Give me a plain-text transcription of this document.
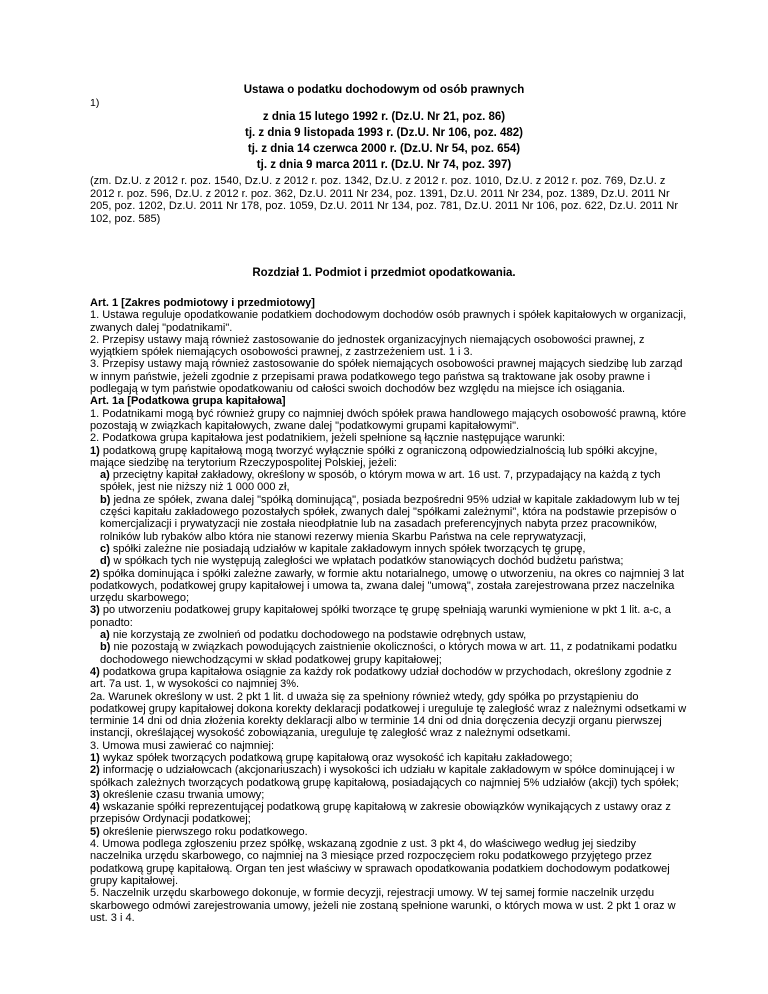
Ustawa o podatku dochodowym od osób prawnych
1)
z dnia 15 lutego 1992 r. (Dz.U. Nr 21, poz. 86)
tj. z dnia 9 listopada 1993 r. (Dz.U. Nr 106, poz. 482)
tj. z dnia 14 czerwca 2000 r. (Dz.U. Nr 54, poz. 654)
tj. z dnia 9 marca 2011 r. (Dz.U. Nr 74, poz. 397)

(zm. Dz.U. z 2012 r. poz. 1540, Dz.U. z 2012 r. poz. 1342, Dz.U. z 2012 r. poz. 1010, Dz.U. z 2012 r. poz. 769, Dz.U. z 2012 r. poz. 596, Dz.U. z 2012 r. poz. 362, Dz.U. 2011 Nr 234, poz. 1391, Dz.U. 2011 Nr 234, poz. 1389, Dz.U. 2011 Nr 205, poz. 1202, Dz.U. 2011 Nr 178, poz. 1059, Dz.U. 2011 Nr 134, poz. 781, Dz.U. 2011 Nr 106, poz. 622, Dz.U. 2011 Nr 102, poz. 585)

Rozdział 1. Podmiot i przedmiot opodatkowania.

Art. 1 [Zakres podmiotowy i przedmiotowy]

1. Ustawa reguluje opodatkowanie podatkiem dochodowym dochodów osób prawnych i spółek kapitałowych w organizacji, zwanych dalej "podatnikami".

2. Przepisy ustawy mają również zastosowanie do jednostek organizacyjnych niemających osobowości prawnej, z wyjątkiem spółek niemających osobowości prawnej, z zastrzeżeniem ust. 1 i 3.

3. Przepisy ustawy mają również zastosowanie do spółek niemających osobowości prawnej mających siedzibę lub zarząd w innym państwie, jeżeli zgodnie z przepisami prawa podatkowego tego państwa są traktowane jak osoby prawne i podlegają w tym państwie opodatkowaniu od całości swoich dochodów bez względu na miejsce ich osiągania.

Art. 1a [Podatkowa grupa kapitałowa]

1. Podatnikami mogą być również grupy co najmniej dwóch spółek prawa handlowego mających osobowość prawną, które pozostają w związkach kapitałowych, zwane dalej "podatkowymi grupami kapitałowymi".

2. Podatkowa grupa kapitałowa jest podatnikiem, jeżeli spełnione są łącznie następujące warunki:

1) podatkową grupę kapitałową mogą tworzyć wyłącznie spółki z ograniczoną odpowiedzialnością lub spółki akcyjne, mające siedzibę na terytorium Rzeczypospolitej Polskiej, jeżeli:

a) przeciętny kapitał zakładowy, określony w sposób, o którym mowa w art. 16 ust. 7, przypadający na każdą z tych spółek, jest nie niższy niż 1 000 000 zł,

b) jedna ze spółek, zwana dalej "spółką dominującą", posiada bezpośredni 95% udział w kapitale zakładowym lub w tej części kapitału zakładowego pozostałych spółek, zwanych dalej "spółkami zależnymi", która na podstawie przepisów o komercjalizacji i prywatyzacji nie została nieodpłatnie lub na zasadach preferencyjnych nabyta przez pracowników, rolników lub rybaków albo która nie stanowi rezerwy mienia Skarbu Państwa na cele reprywatyzacji,

c) spółki zależne nie posiadają udziałów w kapitale zakładowym innych spółek tworzących tę grupę,

d) w spółkach tych nie występują zaległości we wpłatach podatków stanowiących dochód budżetu państwa;

2) spółka dominująca i spółki zależne zawarły, w formie aktu notarialnego, umowę o utworzeniu, na okres co najmniej 3 lat podatkowych, podatkowej grupy kapitałowej i umowa ta, zwana dalej "umową", została zarejestrowana przez naczelnika urzędu skarbowego;

3) po utworzeniu podatkowej grupy kapitałowej spółki tworzące tę grupę spełniają warunki wymienione w pkt 1 lit. a-c, a ponadto:

a) nie korzystają ze zwolnień od podatku dochodowego na podstawie odrębnych ustaw,

b) nie pozostają w związkach powodujących zaistnienie okoliczności, o których mowa w art. 11, z podatnikami podatku dochodowego niewchodzącymi w skład podatkowej grupy kapitałowej;

4) podatkowa grupa kapitałowa osiągnie za każdy rok podatkowy udział dochodów w przychodach, określony zgodnie z art. 7a ust. 1, w wysokości co najmniej 3%.

2a. Warunek określony w ust. 2 pkt 1 lit. d uważa się za spełniony również wtedy, gdy spółka po przystąpieniu do podatkowej grupy kapitałowej dokona korekty deklaracji podatkowej i ureguluje tę zaległość wraz z należnymi odsetkami w terminie 14 dni od dnia złożenia korekty deklaracji albo w terminie 14 dni od dnia doręczenia decyzji organu pierwszej instancji, określającej wysokość zobowiązania, ureguluje tę zaległość wraz z należnymi odsetkami.

3. Umowa musi zawierać co najmniej:

1) wykaz spółek tworzących podatkową grupę kapitałową oraz wysokość ich kapitału zakładowego;

2) informację o udziałowcach (akcjonariuszach) i wysokości ich udziału w kapitale zakładowym w spółce dominującej i w spółkach zależnych tworzących podatkową grupę kapitałową, posiadających co najmniej 5% udziałów (akcji) tych spółek;

3) określenie czasu trwania umowy;

4) wskazanie spółki reprezentującej podatkową grupę kapitałową w zakresie obowiązków wynikających z ustawy oraz z przepisów Ordynacji podatkowej;

5) określenie pierwszego roku podatkowego.

4. Umowa podlega zgłoszeniu przez spółkę, wskazaną zgodnie z ust. 3 pkt 4, do właściwego według jej siedziby naczelnika urzędu skarbowego, co najmniej na 3 miesiące przed rozpoczęciem roku podatkowego przyjętego przez podatkową grupę kapitałową. Organ ten jest właściwy w sprawach opodatkowania podatkiem dochodowym podatkowej grupy kapitałowej.

5. Naczelnik urzędu skarbowego dokonuje, w formie decyzji, rejestracji umowy. W tej samej formie naczelnik urzędu skarbowego odmówi zarejestrowania umowy, jeżeli nie zostaną spełnione warunki, o których mowa w ust. 2 pkt 1 oraz w ust. 3 i 4.
